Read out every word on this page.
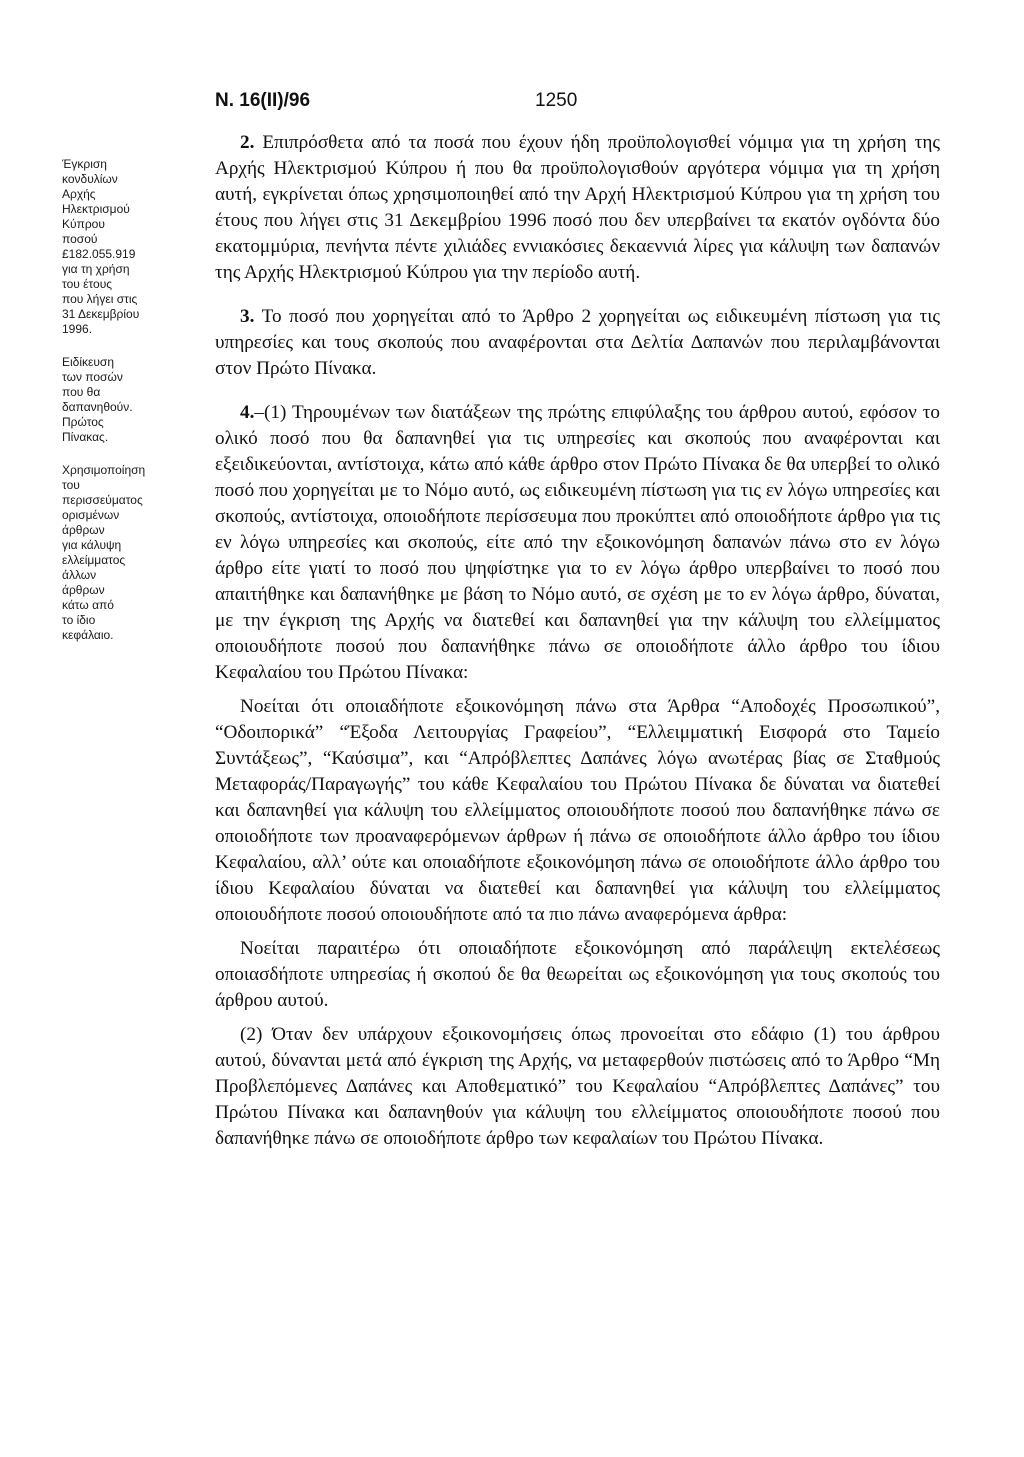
Ν. 16(ΙΙ)/96	1250
Έγκριση
κονδυλίων
Αρχής
Ηλεκτρισμού
Κύπρου
ποσού
£182.055.919
για τη χρήση
του έτους
που λήγει στις
31 Δεκεμβρίου
1996.
Ειδίκευση
των ποσών
που θα
δαπανηθούν.
Πρώτος
Πίνακας.
Χρησιμοποίηση
του
περισσεύματος
ορισμένων
άρθρων
για κάλυψη
ελλείμματος
άλλων
άρθρων
κάτω από
το ίδιο
κεφάλαιο.

2. Επιπρόσθετα από τα ποσά που έχουν ήδη προϋπολογισθεί νόμιμα για τη χρήση της Αρχής Ηλεκτρισμού Κύπρου ή που θα προϋπολογισθούν αργότερα νόμιμα για τη χρήση αυτή, εγκρίνεται όπως χρησιμοποιηθεί από την Αρχή Ηλεκτρισμού Κύπρου για τη χρήση του έτους που λήγει στις 31 Δεκεμβρίου 1996 ποσό που δεν υπερβαίνει τα εκατόν ογδόντα δύο εκατομμύρια, πενήντα πέντε χιλιάδες εννιακόσιες δεκαεννιά λίρες για κάλυψη των δαπανών της Αρχής Ηλεκτρισμού Κύπρου για την περίοδο αυτή.

3. Το ποσό που χορηγείται από το Άρθρο 2 χορηγείται ως ειδικευμένη πίστωση για τις υπηρεσίες και τους σκοπούς που αναφέρονται στα Δελτία Δαπανών που περιλαμβάνονται στον Πρώτο Πίνακα.

4.–(1) Τηρουμένων των διατάξεων της πρώτης επιφύλαξης του άρθρου αυτού, εφόσον το ολικό ποσό που θα δαπανηθεί για τις υπηρεσίες και σκοπούς που αναφέρονται και εξειδικεύονται, αντίστοιχα, κάτω από κάθε άρθρο στον Πρώτο Πίνακα δε θα υπερβεί το ολικό ποσό που χορηγείται με το Νόμο αυτό, ως ειδικευμένη πίστωση για τις εν λόγω υπηρεσίες και σκοπούς, αντίστοιχα, οποιοδήποτε περίσσευμα που προκύπτει από οποιοδήποτε άρθρο για τις εν λόγω υπηρεσίες και σκοπούς, είτε από την εξοικονόμηση δαπανών πάνω στο εν λόγω άρθρο είτε γιατί το ποσό που ψηφίστηκε για το εν λόγω άρθρο υπερβαίνει το ποσό που απαιτήθηκε και δαπανήθηκε με βάση το Νόμο αυτό, σε σχέση με το εν λόγω άρθρο, δύναται, με την έγκριση της Αρχής να διατεθεί και δαπανηθεί για την κάλυψη του ελλείμματος οποιουδήποτε ποσού που δαπανήθηκε πάνω σε οποιοδήποτε άλλο άρθρο του ίδιου Κεφαλαίου του Πρώτου Πίνακα:

Νοείται ότι οποιαδήποτε εξοικονόμηση πάνω στα Άρθρα “Αποδοχές Προσωπικού”, “Οδοιπορικά” “Έξοδα Λειτουργίας Γραφείου”, “Ελλειμματική Εισφορά στο Ταμείο Συντάξεως”, “Καύσιμα”, και “Απρόβλεπτες Δαπάνες λόγω ανωτέρας βίας σε Σταθμούς Μεταφοράς/Παραγωγής” του κάθε Κεφαλαίου του Πρώτου Πίνακα δε δύναται να διατεθεί και δαπανηθεί για κάλυψη του ελλείμματος οποιουδήποτε ποσού που δαπανήθηκε πάνω σε οποιοδήποτε των προαναφερόμενων άρθρων ή πάνω σε οποιοδήποτε άλλο άρθρο του ίδιου Κεφαλαίου, αλλ’ ούτε και οποιαδήποτε εξοικονόμηση πάνω σε οποιοδήποτε άλλο άρθρο του ίδιου Κεφαλαίου δύναται να διατεθεί και δαπανηθεί για κάλυψη του ελλείμματος οποιουδήποτε ποσού οποιουδήποτε από τα πιο πάνω αναφερόμενα άρθρα:

Νοείται παραιτέρω ότι οποιαδήποτε εξοικονόμηση από παράλειψη εκτελέσεως οποιασδήποτε υπηρεσίας ή σκοπού δε θα θεωρείται ως εξοικονόμηση για τους σκοπούς του άρθρου αυτού.

(2) Όταν δεν υπάρχουν εξοικονομήσεις όπως προνοείται στο εδάφιο (1) του άρθρου αυτού, δύνανται μετά από έγκριση της Αρχής, να μεταφερθούν πιστώσεις από το Άρθρο “Μη Προβλεπόμενες Δαπάνες και Αποθεματικό” του Κεφαλαίου “Απρόβλεπτες Δαπάνες” του Πρώτου Πίνακα και δαπανηθούν για κάλυψη του ελλείμματος οποιουδήποτε ποσού που δαπανήθηκε πάνω σε οποιοδήποτε άρθρο των κεφαλαίων του Πρώτου Πίνακα.
